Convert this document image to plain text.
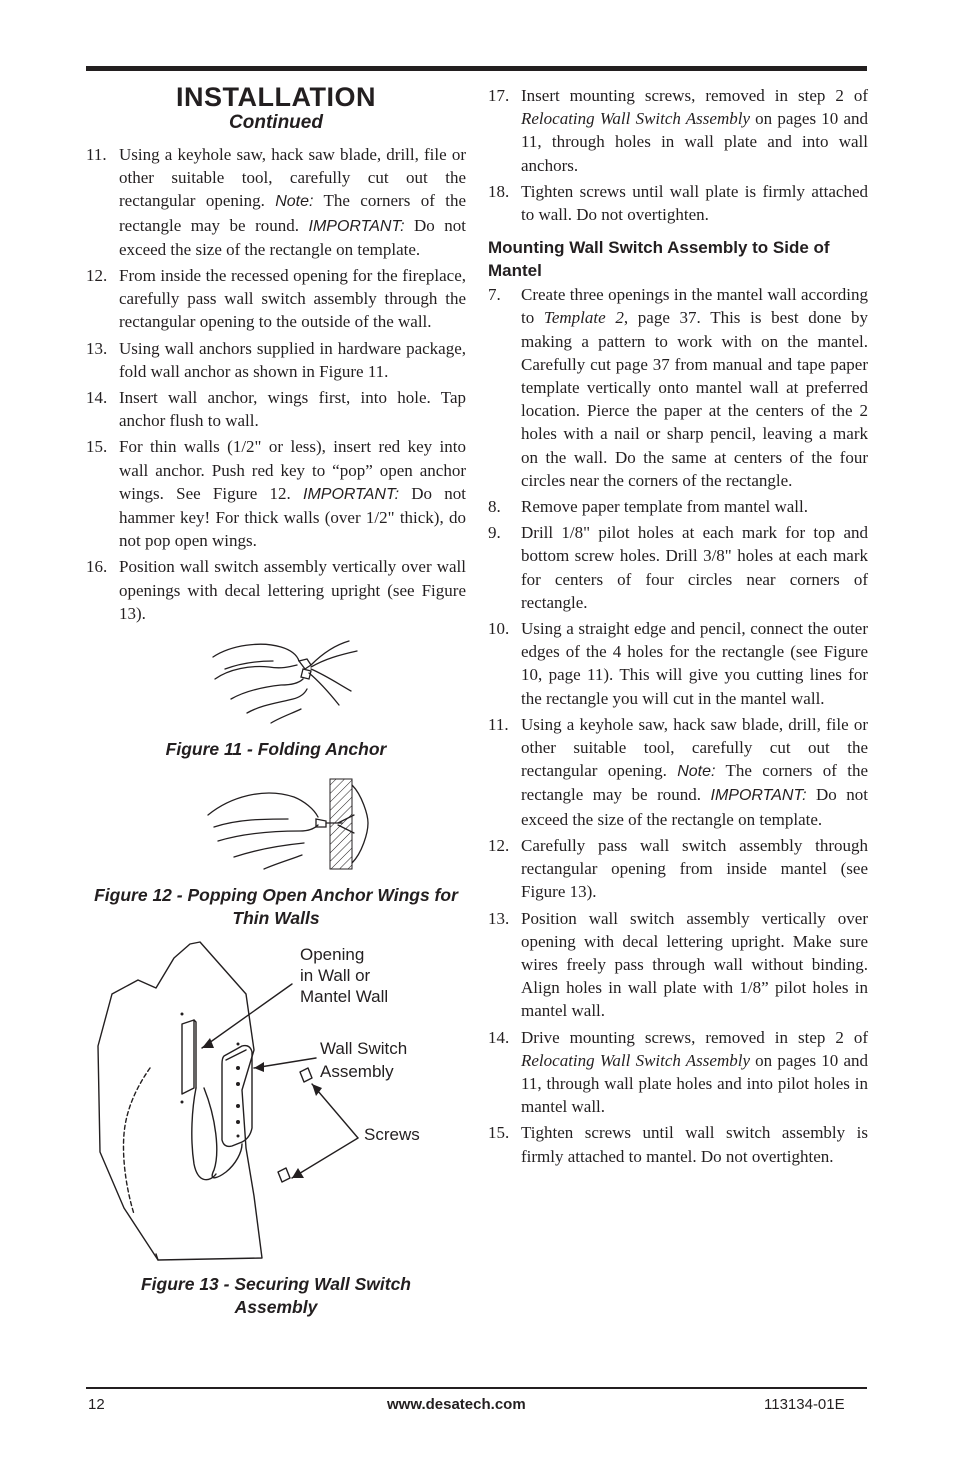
INSTALLATION
Continued
11. Using a keyhole saw, hack saw blade, drill, file or other suitable tool, carefully cut out the rectangular opening. Note: The corners of the rectangle may be round. IMPORTANT: Do not exceed the size of the rectangle on template.
12. From inside the recessed opening for the fireplace, carefully pass wall switch assembly through the rectangular opening to the outside of the wall.
13. Using wall anchors supplied in hardware package, fold wall anchor as shown in Figure 11.
14. Insert wall anchor, wings first, into hole. Tap anchor flush to wall.
15. For thin walls (1/2" or less), insert red key into wall anchor. Push red key to “pop” open anchor wings. See Figure 12. IMPORTANT: Do not hammer key! For thick walls (over 1/2" thick), do not pop open wings.
16. Position wall switch assembly vertically over wall openings with decal lettering upright (see Figure 13).
Figure 11 - Folding Anchor
Figure 12 - Popping Open Anchor Wings for Thin Walls
Opening
in Wall or
Mantel Wall
Wall Switch
Assembly
Screws
Figure 13 - Securing Wall Switch Assembly
17. Insert mounting screws, removed in step 2 of Relocating Wall Switch Assembly on pages 10 and 11, through holes in wall plate and into wall anchors.
18. Tighten screws until wall plate is firmly attached to wall. Do not overtighten.
Mounting Wall Switch Assembly to Side of Mantel
7. Create three openings in the mantel wall according to Template 2, page 37. This is best done by making a pattern to work with on the mantel. Carefully cut page 37 from manual and tape paper template vertically onto mantel wall at preferred location. Pierce the paper at the centers of the 2 holes with a nail or sharp pencil, leaving a mark on the wall. Do the same at centers of the four circles near the corners of the rectangle.
8. Remove paper template from mantel wall.
9. Drill 1/8" pilot holes at each mark for top and bottom screw holes. Drill 3/8" holes at each mark for centers of four circles near corners of rectangle.
10. Using a straight edge and pencil, connect the outer edges of the 4 holes for the rectangle (see Figure 10, page 11). This will give you cutting lines for the rectangle you will cut in the mantel wall.
11. Using a keyhole saw, hack saw blade, drill, file or other suitable tool, carefully cut out the rectangular opening. Note: The corners of the rectangle may be round. IMPORTANT: Do not exceed the size of the rectangle on template.
12. Carefully pass wall switch assembly through rectangular opening from inside mantel (see Figure 13).
13. Position wall switch assembly vertically over opening with decal lettering upright. Make sure wires freely pass through wall without binding. Align holes in wall plate with 1/8” pilot holes in mantel wall.
14. Drive mounting screws, removed in step 2 of Relocating Wall Switch Assembly on pages 10 and 11, through wall plate holes and into pilot holes in mantel wall.
15. Tighten screws until wall switch assembly is firmly attached to mantel. Do not overtighten.
12	www.desatech.com	113134-01E
